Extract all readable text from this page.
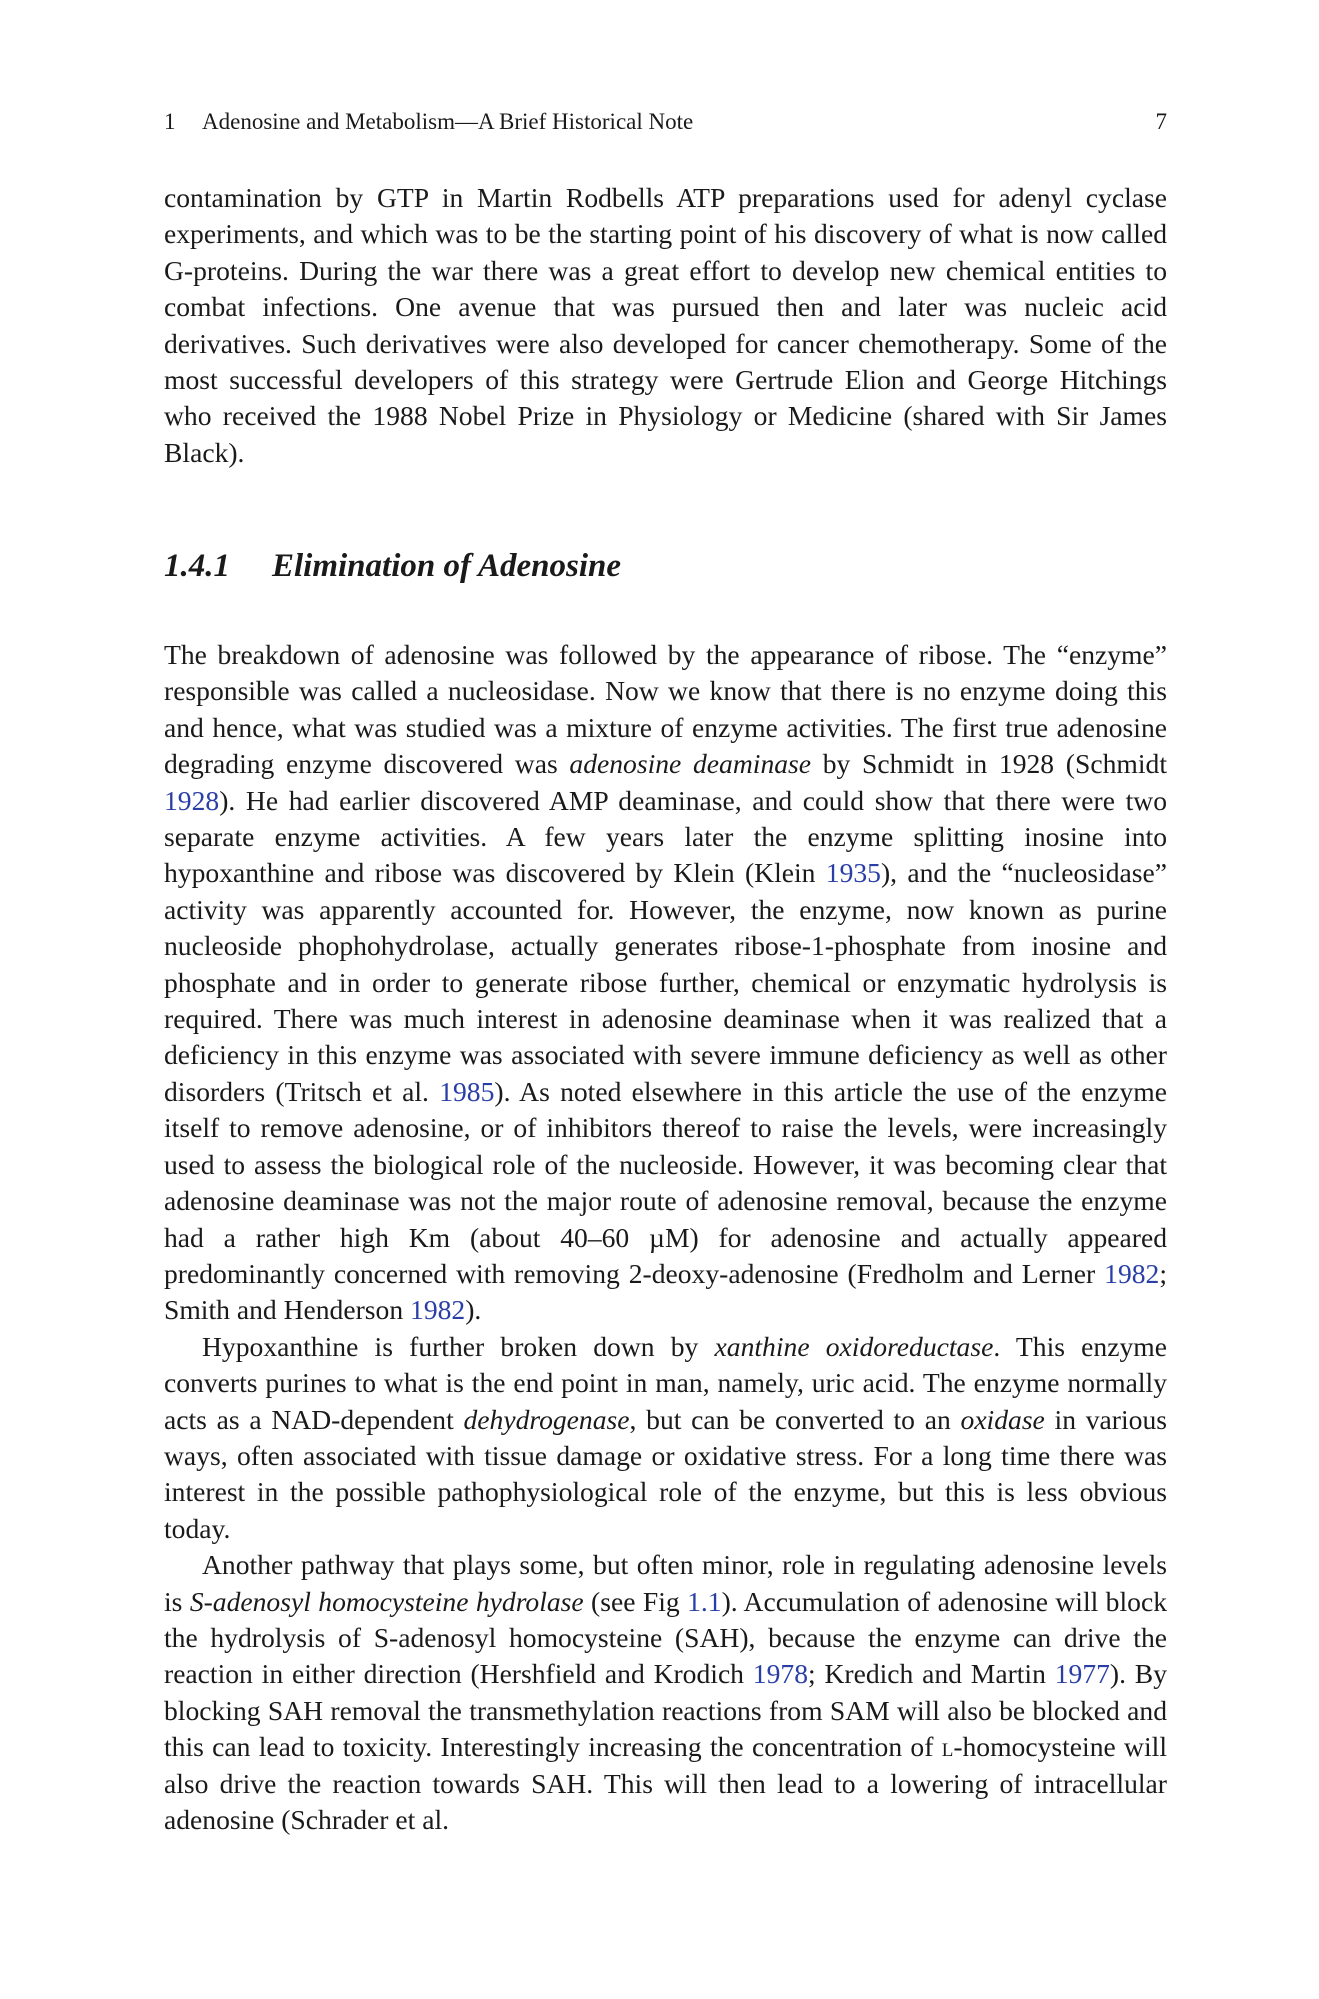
1 Adenosine and Metabolism—A Brief Historical Note	7

contamination by GTP in Martin Rodbells ATP preparations used for adenyl cyclase experiments, and which was to be the starting point of his discovery of what is now called G-proteins. During the war there was a great effort to develop new chemical entities to combat infections. One avenue that was pursued then and later was nucleic acid derivatives. Such derivatives were also developed for cancer chemotherapy. Some of the most successful developers of this strategy were Gertrude Elion and George Hitchings who received the 1988 Nobel Prize in Physiology or Medicine (shared with Sir James Black).

1.4.1 Elimination of Adenosine

The breakdown of adenosine was followed by the appearance of ribose. The “enzyme” responsible was called a nucleosidase. Now we know that there is no enzyme doing this and hence, what was studied was a mixture of enzyme activities. The first true adenosine degrading enzyme discovered was adenosine deaminase by Schmidt in 1928 (Schmidt 1928). He had earlier discovered AMP deaminase, and could show that there were two separate enzyme activities. A few years later the enzyme splitting inosine into hypoxanthine and ribose was discovered by Klein (Klein 1935), and the “nucleosidase” activity was apparently accounted for. However, the enzyme, now known as purine nucleoside phophohydrolase, actually generates ribose-1-phosphate from inosine and phosphate and in order to generate ribose further, chemical or enzymatic hydrolysis is required. There was much interest in adenosine deaminase when it was realized that a deficiency in this enzyme was associated with severe immune deficiency as well as other disorders (Tritsch et al. 1985). As noted elsewhere in this article the use of the enzyme itself to remove adenosine, or of inhibitors thereof to raise the levels, were increasingly used to assess the biological role of the nucleoside. However, it was becoming clear that adenosine deaminase was not the major route of adenosine removal, because the enzyme had a rather high Km (about 40–60 µM) for adenosine and actually appeared predominantly concerned with removing 2-deoxy-adenosine (Fredholm and Lerner 1982; Smith and Henderson 1982).

Hypoxanthine is further broken down by xanthine oxidoreductase. This enzyme converts purines to what is the end point in man, namely, uric acid. The enzyme normally acts as a NAD-dependent dehydrogenase, but can be converted to an oxidase in various ways, often associated with tissue damage or oxidative stress. For a long time there was interest in the possible pathophysiological role of the enzyme, but this is less obvious today.

Another pathway that plays some, but often minor, role in regulating adenosine levels is S-adenosyl homocysteine hydrolase (see Fig 1.1). Accumulation of adenosine will block the hydrolysis of S-adenosyl homocysteine (SAH), because the enzyme can drive the reaction in either direction (Hershfield and Krodich 1978; Kredich and Martin 1977). By blocking SAH removal the transmethylation reactions from SAM will also be blocked and this can lead to toxicity. Interestingly increasing the concentration of l-homocysteine will also drive the reaction towards SAH. This will then lead to a lowering of intracellular adenosine (Schrader et al.
